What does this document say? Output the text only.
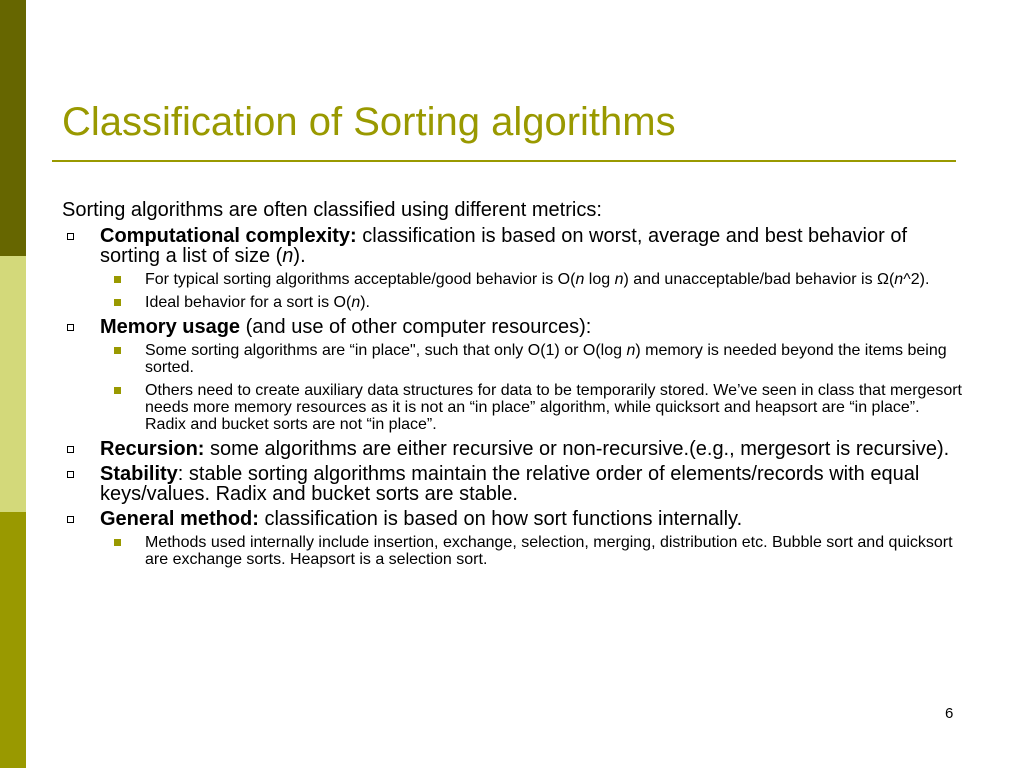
Classification of Sorting algorithms

Sorting algorithms are often classified using different metrics:

Computational complexity: classification is based on worst, average and best behavior of sorting a list of size (n).
For typical sorting algorithms acceptable/good behavior is O(n log n) and unacceptable/bad behavior is Ω(n^2).
Ideal behavior for a sort is O(n).
Memory usage (and use of other computer resources):
Some sorting algorithms are “in place", such that only O(1) or O(log n) memory is needed beyond the items being sorted.
Others need to create auxiliary data structures for data to be temporarily stored. We’ve seen in class that mergesort needs more memory resources as it is not an “in place” algorithm, while quicksort and heapsort are “in place”. Radix and bucket sorts are not “in place”.
Recursion: some algorithms are either recursive or non-recursive.(e.g., mergesort is recursive).
Stability: stable sorting algorithms maintain the relative order of elements/records with equal keys/values. Radix and bucket sorts are stable.
General method: classification is based on how sort functions internally.
Methods used internally include insertion, exchange, selection, merging, distribution etc. Bubble sort and quicksort are exchange sorts. Heapsort is a selection sort.
6
